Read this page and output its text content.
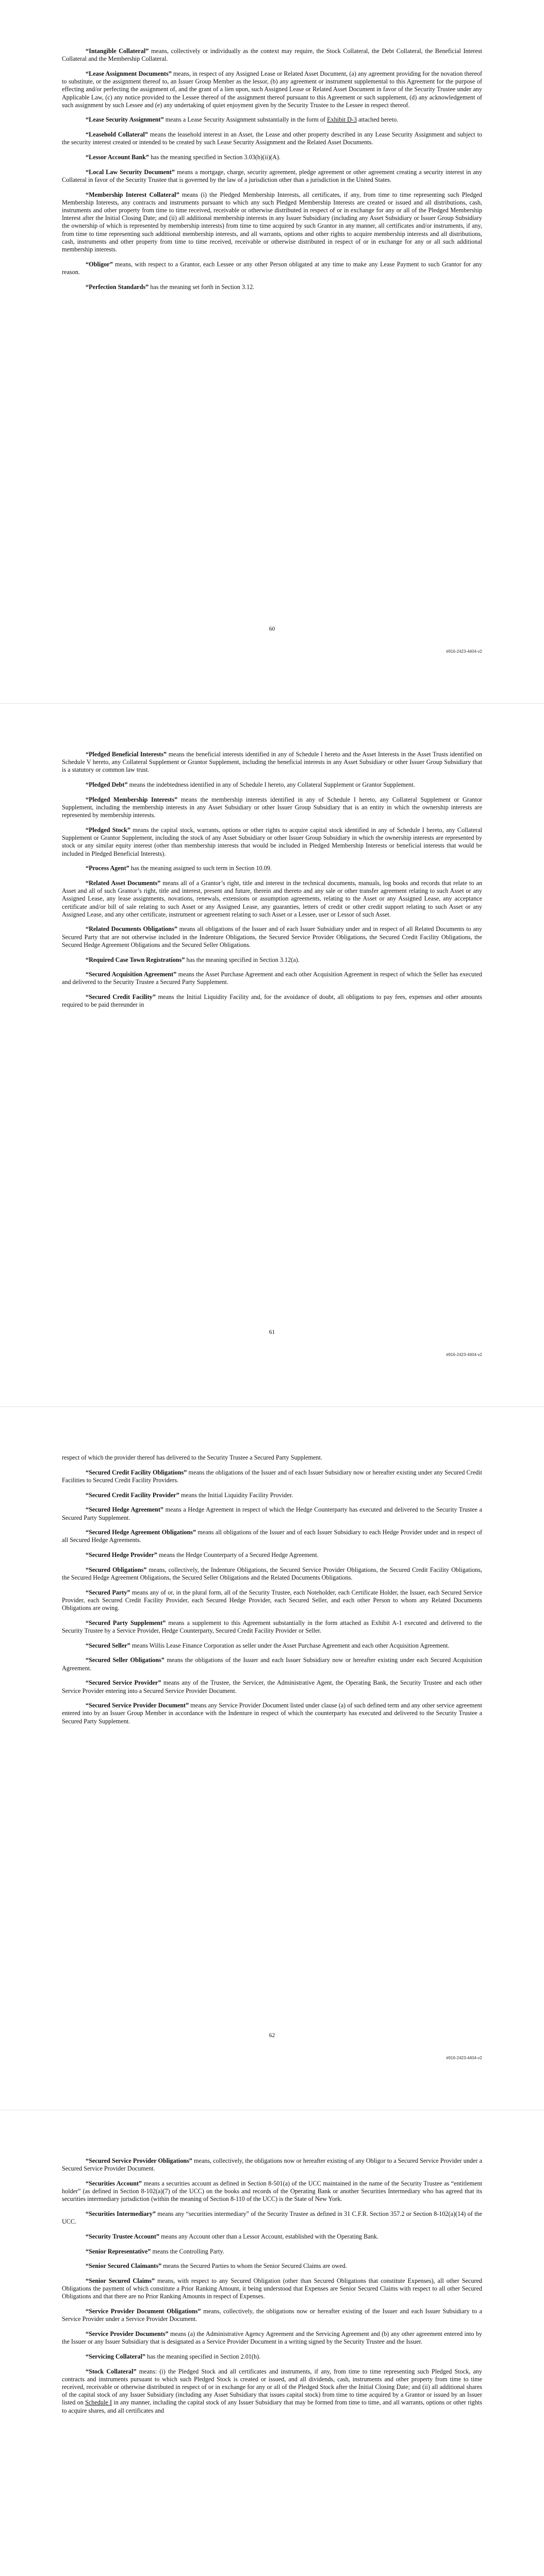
“Intangible Collateral” means, collectively or individually as the context may require, the Stock Collateral, the Debt Collateral, the Beneficial Interest Collateral and the Membership Collateral.

“Lease Assignment Documents” means, in respect of any Assigned Lease or Related Asset Document, (a) any agreement providing for the novation thereof to substitute, or the assignment thereof to, an Issuer Group Member as the lessor, (b) any agreement or instrument supplemental to this Agreement for the purpose of effecting and/or perfecting the assignment of, and the grant of a lien upon, such Assigned Lease or Related Asset Document in favor of the Security Trustee under any Applicable Law, (c) any notice provided to the Lessee thereof of the assignment thereof pursuant to this Agreement or such supplement, (d) any acknowledgement of such assignment by such Lessee and (e) any undertaking of quiet enjoyment given by the Security Trustee to the Lessee in respect thereof.

“Lease Security Assignment” means a Lease Security Assignment substantially in the form of Exhibit D-3 attached hereto.

“Leasehold Collateral” means the leasehold interest in an Asset, the Lease and other property described in any Lease Security Assignment and subject to the security interest created or intended to be created by such Lease Security Assignment and the Related Asset Documents.

“Lessor Account Bank” has the meaning specified in Section 3.03(b)(ii)(A).

“Local Law Security Document” means a mortgage, charge, security agreement, pledge agreement or other agreement creating a security interest in any Collateral in favor of the Security Trustee that is governed by the law of a jurisdiction other than a jurisdiction in the United States.

“Membership Interest Collateral” means (i) the Pledged Membership Interests, all certificates, if any, from time to time representing such Pledged Membership Interests, any contracts and instruments pursuant to which any such Pledged Membership Interests are created or issued and all distributions, cash, instruments and other property from time to time received, receivable or otherwise distributed in respect of or in exchange for any or all of the Pledged Membership Interest after the Initial Closing Date; and (ii) all additional membership interests in any Issuer Subsidiary (including any Asset Subsidiary or Issuer Group Subsidiary the ownership of which is represented by membership interests) from time to time acquired by such Grantor in any manner, all certificates and/or instruments, if any, from time to time representing such additional membership interests, and all warrants, options and other rights to acquire membership interests and all distributions, cash, instruments and other property from time to time received, receivable or otherwise distributed in respect of or in exchange for any or all such additional membership interests.

“Obligor” means, with respect to a Grantor, each Lessee or any other Person obligated at any time to make any Lease Payment to such Grantor for any reason.

“Perfection Standards” has the meaning set forth in Section 3.12.

60
#916-2423-4404-v2

“Pledged Beneficial Interests” means the beneficial interests identified in any of Schedule I hereto and the Asset Interests in the Asset Trusts identified on Schedule V hereto, any Collateral Supplement or Grantor Supplement, including the beneficial interests in any Asset Subsidiary or other Issuer Group Subsidiary that is a statutory or common law trust.

“Pledged Debt” means the indebtedness identified in any of Schedule I hereto, any Collateral Supplement or Grantor Supplement.

“Pledged Membership Interests” means the membership interests identified in any of Schedule I hereto, any Collateral Supplement or Grantor Supplement, including the membership interests in any Asset Subsidiary or other Issuer Group Subsidiary that is an entity in which the ownership interests are represented by membership interests.

“Pledged Stock” means the capital stock, warrants, options or other rights to acquire capital stock identified in any of Schedule I hereto, any Collateral Supplement or Grantor Supplement, including the stock of any Asset Subsidiary or other Issuer Group Subsidiary in which the ownership interests are represented by stock or any similar equity interest (other than membership interests that would be included in Pledged Membership Interests or beneficial interests that would be included in Pledged Beneficial Interests).

“Process Agent” has the meaning assigned to such term in Section 10.09.

“Related Asset Documents” means all of a Grantor’s right, title and interest in the technical documents, manuals, log books and records that relate to an Asset and all of such Grantor’s right, title and interest, present and future, therein and thereto and any sale or other transfer agreement relating to such Asset or any Assigned Lease, any lease assignments, novations, renewals, extensions or assumption agreements, relating to the Asset or any Assigned Lease, any acceptance certificate and/or bill of sale relating to such Asset or any Assigned Lease, any guaranties, letters of credit or other credit support relating to such Asset or any Assigned Lease, and any other certificate, instrument or agreement relating to such Asset or a Lessee, user or Lessor of such Asset.

“Related Documents Obligations” means all obligations of the Issuer and of each Issuer Subsidiary under and in respect of all Related Documents to any Secured Party that are not otherwise included in the Indenture Obligations, the Secured Service Provider Obligations, the Secured Credit Facility Obligations, the Secured Hedge Agreement Obligations and the Secured Seller Obligations.

“Required Case Town Registrations” has the meaning specified in Section 3.12(a).

“Secured Acquisition Agreement” means the Asset Purchase Agreement and each other Acquisition Agreement in respect of which the Seller has executed and delivered to the Security Trustee a Secured Party Supplement.

“Secured Credit Facility” means the Initial Liquidity Facility and, for the avoidance of doubt, all obligations to pay fees, expenses and other amounts required to be paid thereunder in

61
#916-2423-4404-v2

respect of which the provider thereof has delivered to the Security Trustee a Secured Party Supplement.

“Secured Credit Facility Obligations” means the obligations of the Issuer and of each Issuer Subsidiary now or hereafter existing under any Secured Credit Facilities to Secured Credit Facility Providers.

“Secured Credit Facility Provider” means the Initial Liquidity Facility Provider.

“Secured Hedge Agreement” means a Hedge Agreement in respect of which the Hedge Counterparty has executed and delivered to the Security Trustee a Secured Party Supplement.

“Secured Hedge Agreement Obligations” means all obligations of the Issuer and of each Issuer Subsidiary to each Hedge Provider under and in respect of all Secured Hedge Agreements.

“Secured Hedge Provider” means the Hedge Counterparty of a Secured Hedge Agreement.

“Secured Obligations” means, collectively, the Indenture Obligations, the Secured Service Provider Obligations, the Secured Credit Facility Obligations, the Secured Hedge Agreement Obligations, the Secured Seller Obligations and the Related Documents Obligations.

“Secured Party” means any of or, in the plural form, all of the Security Trustee, each Noteholder, each Certificate Holder, the Issuer, each Secured Service Provider, each Secured Credit Facility Provider, each Secured Hedge Provider, each Secured Seller, and each other Person to whom any Related Documents Obligations are owing.

“Secured Party Supplement” means a supplement to this Agreement substantially in the form attached as Exhibit A-1 executed and delivered to the Security Trustee by a Service Provider, Hedge Counterparty, Secured Credit Facility Provider or Seller.

“Secured Seller” means Willis Lease Finance Corporation as seller under the Asset Purchase Agreement and each other Acquisition Agreement.

“Secured Seller Obligations” means the obligations of the Issuer and each Issuer Subsidiary now or hereafter existing under each Secured Acquisition Agreement.

“Secured Service Provider” means any of the Trustee, the Servicer, the Administrative Agent, the Operating Bank, the Security Trustee and each other Service Provider entering into a Secured Service Provider Document.

“Secured Service Provider Document” means any Service Provider Document listed under clause (a) of such defined term and any other service agreement entered into by an Issuer Group Member in accordance with the Indenture in respect of which the counterparty has executed and delivered to the Security Trustee a Secured Party Supplement.

62
#916-2423-4404-v2

“Secured Service Provider Obligations” means, collectively, the obligations now or hereafter existing of any Obligor to a Secured Service Provider under a Secured Service Provider Document.

“Securities Account” means a securities account as defined in Section 8-501(a) of the UCC maintained in the name of the Security Trustee as “entitlement holder” (as defined in Section 8-102(a)(7) of the UCC) on the books and records of the Operating Bank or another Securities Intermediary who has agreed that its securities intermediary jurisdiction (within the meaning of Section 8-110 of the UCC) is the State of New York.

“Securities Intermediary” means any “securities intermediary” of the Security Trustee as defined in 31 C.F.R. Section 357.2 or Section 8-102(a)(14) of the UCC.

“Security Trustee Account” means any Account other than a Lessor Account, established with the Operating Bank.

“Senior Representative” means the Controlling Party.

“Senior Secured Claimants” means the Secured Parties to whom the Senior Secured Claims are owed.

“Senior Secured Claims” means, with respect to any Secured Obligation (other than Secured Obligations that constitute Expenses), all other Secured Obligations the payment of which constitute a Prior Ranking Amount, it being understood that Expenses are Senior Secured Claims with respect to all other Secured Obligations and that there are no Prior Ranking Amounts in respect of Expenses.

“Service Provider Document Obligations” means, collectively, the obligations now or hereafter existing of the Issuer and each Issuer Subsidiary to a Service Provider under a Service Provider Document.

“Service Provider Documents” means (a) the Administrative Agency Agreement and the Servicing Agreement and (b) any other agreement entered into by the Issuer or any Issuer Subsidiary that is designated as a Service Provider Document in a writing signed by the Security Trustee and the Issuer.

“Servicing Collateral” has the meaning specified in Section 2.01(h).

“Stock Collateral” means: (i) the Pledged Stock and all certificates and instruments, if any, from time to time representing such Pledged Stock, any contracts and instruments pursuant to which such Pledged Stock is created or issued, and all dividends, cash, instruments and other property from time to time received, receivable or otherwise distributed in respect of or in exchange for any or all of the Pledged Stock after the Initial Closing Date; and (ii) all additional shares of the capital stock of any Issuer Subsidiary (including any Asset Subsidiary that issues capital stock) from time to time acquired by a Grantor or issued by an Issuer listed on Schedule I in any manner, including the capital stock of any Issuer Subsidiary that may be formed from time to time, and all warrants, options or other rights to acquire shares, and all certificates and
